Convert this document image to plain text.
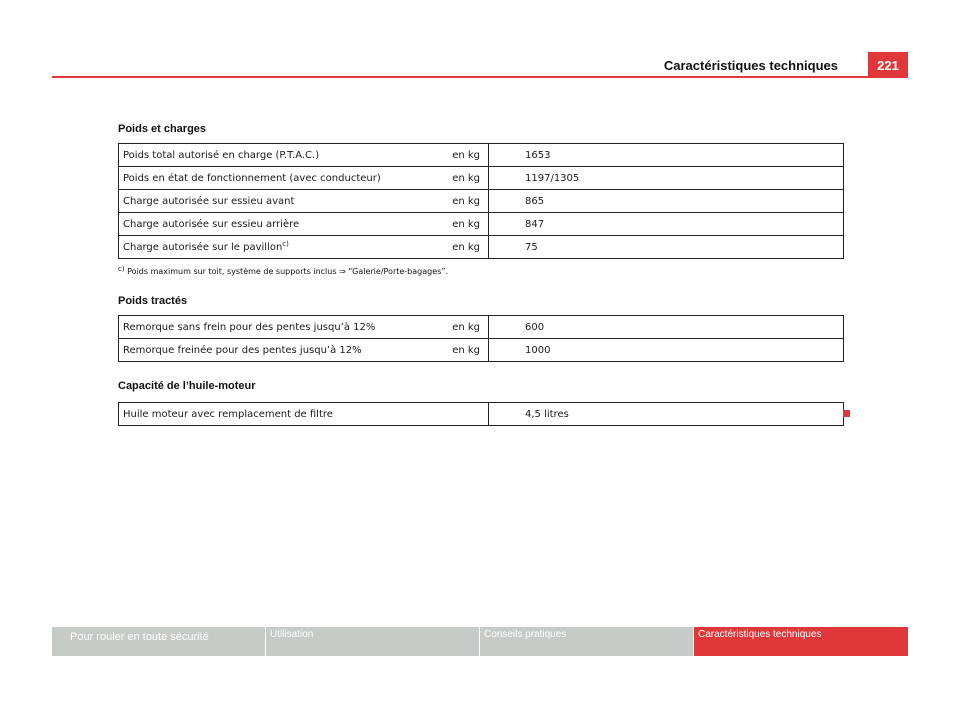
Caractéristiques techniques	221
Poids et charges
Poids total autorisé en charge (P.T.A.C.)	en kg	1653
Poids en état de fonctionnement (avec conducteur)	en kg	1197/1305
Charge autorisée sur essieu avant	en kg	865
Charge autorisée sur essieu arrière	en kg	847
Charge autorisée sur le pavillon$^{c)}$	en kg	75
$^{c)}$ Poids maximum sur toit, système de supports inclus ⇒ “Galerie/Porte-bagages”.
Poids tractés
Remorque sans frein pour des pentes jusqu’à 12%	en kg	600
Remorque freinée pour des pentes jusqu’à 12%	en kg	1000
Capacité de l’huile-moteur
Huile moteur avec remplacement de filtre		4,5 litres
Pour rouler en toute sécurité	Utilisation	Conseils pratiques	Caractéristiques techniques
